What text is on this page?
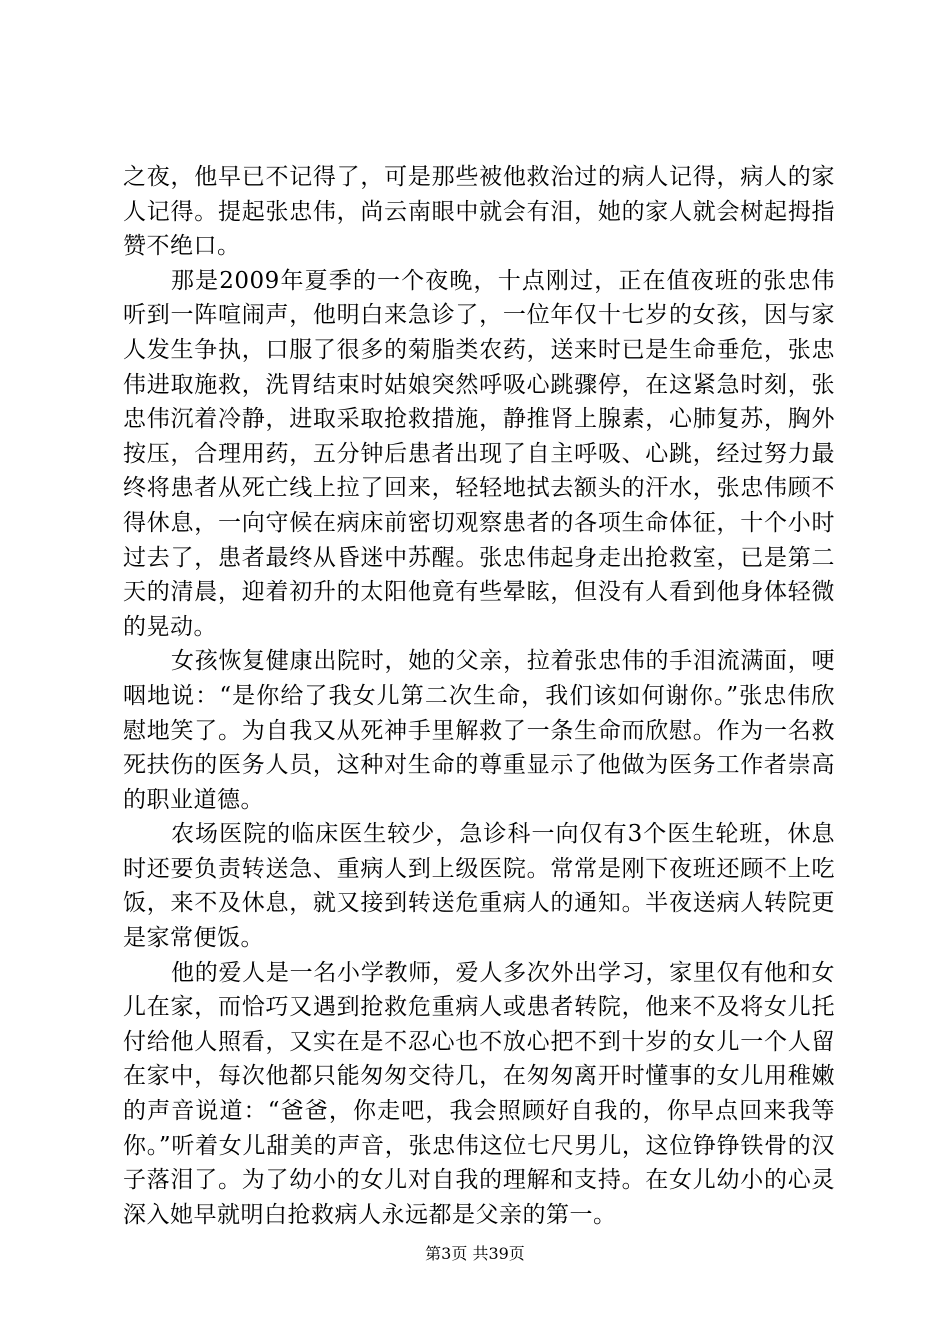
之夜，他早已不记得了，可是那些被他救治过的病人记得，病人的家人记得。提起张忠伟，尚云南眼中就会有泪，她的家人就会树起拇指赞不绝口。

那是2009年夏季的一个夜晚，十点刚过，正在值夜班的张忠伟听到一阵喧闹声，他明白来急诊了，一位年仅十七岁的女孩，因与家人发生争执，口服了很多的菊脂类农药，送来时已是生命垂危，张忠伟进取施救，洗胃结束时姑娘突然呼吸心跳骤停，在这紧急时刻，张忠伟沉着冷静，进取采取抢救措施，静推肾上腺素，心肺复苏，胸外按压，合理用药，五分钟后患者出现了自主呼吸、心跳，经过努力最终将患者从死亡线上拉了回来，轻轻地拭去额头的汗水，张忠伟顾不得休息，一向守候在病床前密切观察患者的各项生命体征，十个小时过去了，患者最终从昏迷中苏醒。张忠伟起身走出抢救室，已是第二天的清晨，迎着初升的太阳他竟有些晕眩，但没有人看到他身体轻微的晃动。

女孩恢复健康出院时，她的父亲，拉着张忠伟的手泪流满面，哽咽地说：“是你给了我女儿第二次生命，我们该如何谢你。”张忠伟欣慰地笑了。为自我又从死神手里解救了一条生命而欣慰。作为一名救死扶伤的医务人员，这种对生命的尊重显示了他做为医务工作者崇高的职业道德。

农场医院的临床医生较少，急诊科一向仅有3个医生轮班，休息时还要负责转送急、重病人到上级医院。常常是刚下夜班还顾不上吃饭，来不及休息，就又接到转送危重病人的通知。半夜送病人转院更是家常便饭。

他的爱人是一名小学教师，爱人多次外出学习，家里仅有他和女儿在家，而恰巧又遇到抢救危重病人或患者转院，他来不及将女儿托付给他人照看，又实在是不忍心也不放心把不到十岁的女儿一个人留在家中，每次他都只能匆匆交待几，在匆匆离开时懂事的女儿用稚嫩的声音说道：“爸爸，你走吧，我会照顾好自我的，你早点回来我等你。”听着女儿甜美的声音，张忠伟这位七尺男儿，这位铮铮铁骨的汉子落泪了。为了幼小的女儿对自我的理解和支持。在女儿幼小的心灵深入她早就明白抢救病人永远都是父亲的第一。

第3页 共39页
